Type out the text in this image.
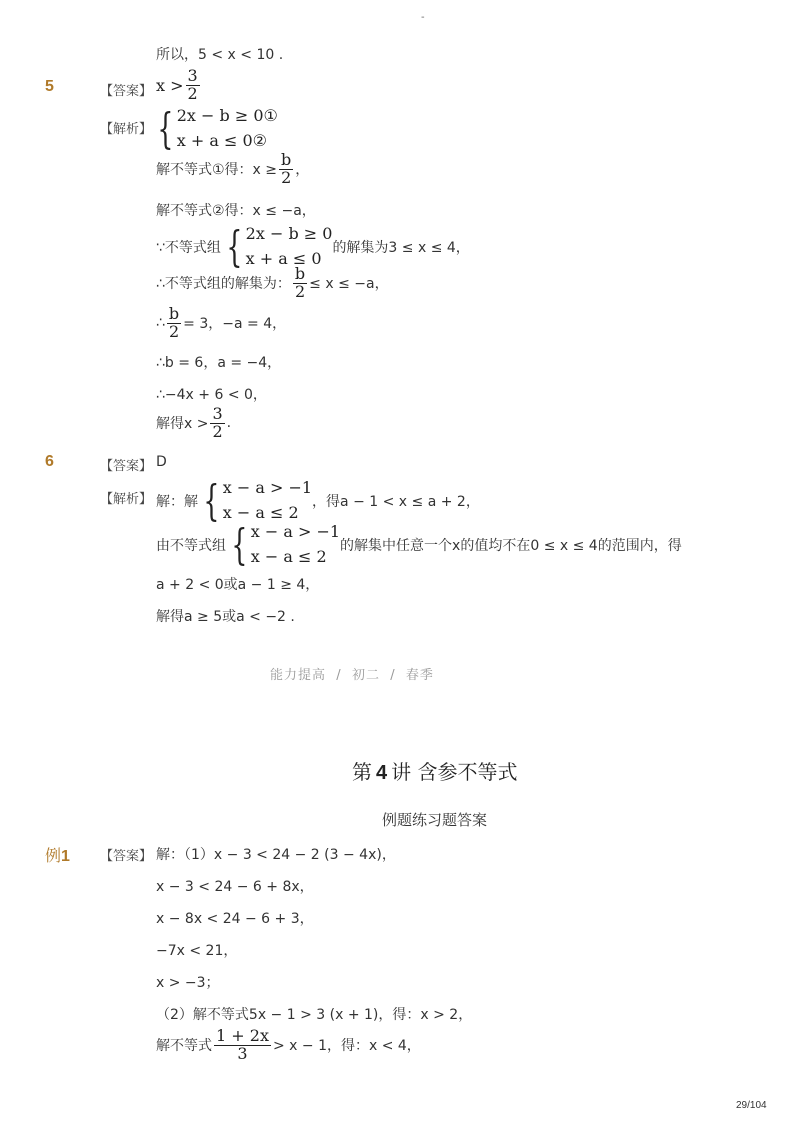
-
所以，5 < x < 10 .
5	【答案】 $x > \frac{3}{2}$
【解析】 { 2x − b ≥ 0①
x + a ≤ 0②
解不等式①得：$x \ge \frac{b}{2}$ ，
解不等式②得：x ≤ −a，
∵不等式组 { 2x − b ≥ 0
x + a ≤ 0
的解集为3 ≤ x ≤ 4，
∴不等式组的解集为： $\frac{b}{2} \le x \le -a$，
∴ $\frac{b}{2} = 3$，−a = 4，
∴b = 6，a = −4，
∴−4x + 6 < 0，
解得$x > \frac{3}{2}$ .
6	【答案】 D
【解析】 解：解 { x − a > −1
x − a ≤ 2
，得a − 1 < x ≤ a + 2，
由不等式组 { x − a > −1
x − a ≤ 2
的解集中任意一个x的值均不在0 ≤ x ≤ 4的范围内，得
a + 2 < 0或a − 1 ≥ 4，
解得a ≥ 5或a < −2 .
能力提高 / 初二 / 春季
第 4 讲 含参不等式
例题练习题答案
例1 【答案】 解：（1）x − 3 < 24 − 2 (3 − 4x)，
x − 3 < 24 − 6 + 8x，
x − 8x < 24 − 6 + 3，
−7x < 21，
x > −3；
（2）解不等式5x − 1 > 3 (x + 1)，得：x > 2，
解不等式 $\frac{1 + 2x}{3} > x - 1$，得：x < 4，
29/104
